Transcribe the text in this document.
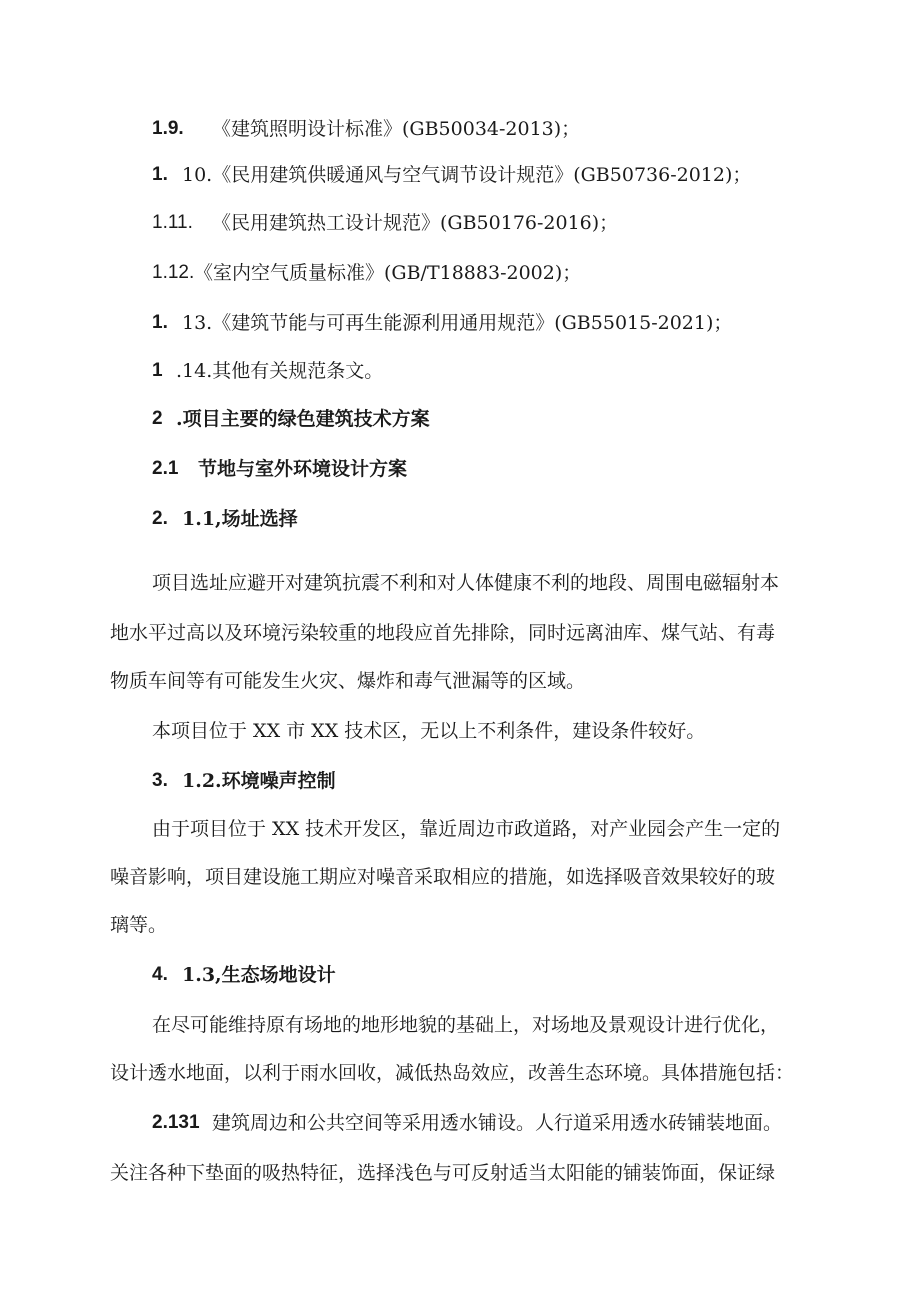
1.9. 《建筑照明设计标准》(GB50034-2013)；
1. 10.《民用建筑供暖通风与空气调节设计规范》(GB50736-2012)；
1.11. 《民用建筑热工设计规范》(GB50176-2016)；
1.12. 《室内空气质量标准》(GB/T18883-2002)；
1. 13.《建筑节能与可再生能源利用通用规范》(GB55015-2021)；
1 .14.其他有关规范条文。
2 .项目主要的绿色建筑技术方案
2.1 节地与室外环境设计方案
2. 1.1,场址选择
项目选址应避开对建筑抗震不利和对人体健康不利的地段、周围电磁辐射本
地水平过高以及环境污染较重的地段应首先排除，同时远离油库、煤气站、有毒
物质车间等有可能发生火灾、爆炸和毒气泄漏等的区域。
本项目位于 XX 市 XX 技术区，无以上不利条件，建设条件较好。
3. 1.2.环境噪声控制
由于项目位于 XX 技术开发区，靠近周边市政道路，对产业园会产生一定的
噪音影响，项目建设施工期应对噪音采取相应的措施，如选择吸音效果较好的玻
璃等。
4. 1.3,生态场地设计
在尽可能维持原有场地的地形地貌的基础上，对场地及景观设计进行优化，
设计透水地面，以利于雨水回收，减低热岛效应，改善生态环境。具体措施包括：
2.131 建筑周边和公共空间等采用透水铺设。人行道采用透水砖铺装地面。
关注各种下垫面的吸热特征，选择浅色与可反射适当太阳能的铺装饰面，保证绿
